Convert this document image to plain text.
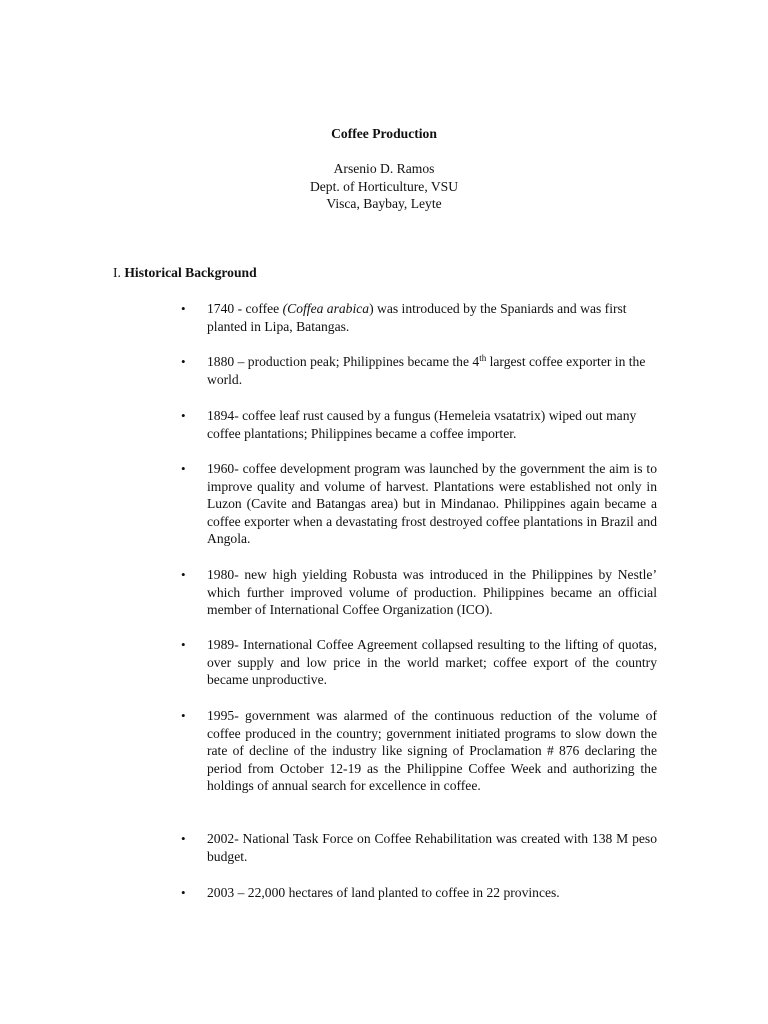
Coffee Production
Arsenio D. Ramos
Dept. of Horticulture, VSU
Visca, Baybay, Leyte
I. Historical Background
•	1740 - coffee (Coffea arabica) was introduced by the Spaniards and was first planted in Lipa, Batangas.
•	1880 – production peak; Philippines became the 4th largest coffee exporter in the world.
•	1894- coffee leaf rust caused by a fungus (Hemeleia vsatatrix) wiped out many coffee plantations; Philippines became a coffee importer.
•	1960- coffee development program was launched by the government the aim is to improve quality and volume of harvest. Plantations were established not only in Luzon (Cavite and Batangas area) but in Mindanao. Philippines again became a coffee exporter when a devastating frost destroyed coffee plantations in Brazil and Angola.
•	1980- new high yielding Robusta was introduced in the Philippines by Nestle’ which further improved volume of production. Philippines became an official member of International Coffee Organization (ICO).
•	1989- International Coffee Agreement collapsed resulting to the lifting of quotas, over supply and low price in the world market; coffee export of the country became unproductive.
•	1995- government was alarmed of the continuous reduction of the volume of coffee produced in the country; government initiated programs to slow down the rate of decline of the industry like signing of Proclamation # 876 declaring the period from October 12-19 as the Philippine Coffee Week and authorizing the holdings of annual search for excellence in coffee.
•	2002- National Task Force on Coffee Rehabilitation was created with 138 M peso budget.
•	2003 – 22,000 hectares of land planted to coffee in 22 provinces.
